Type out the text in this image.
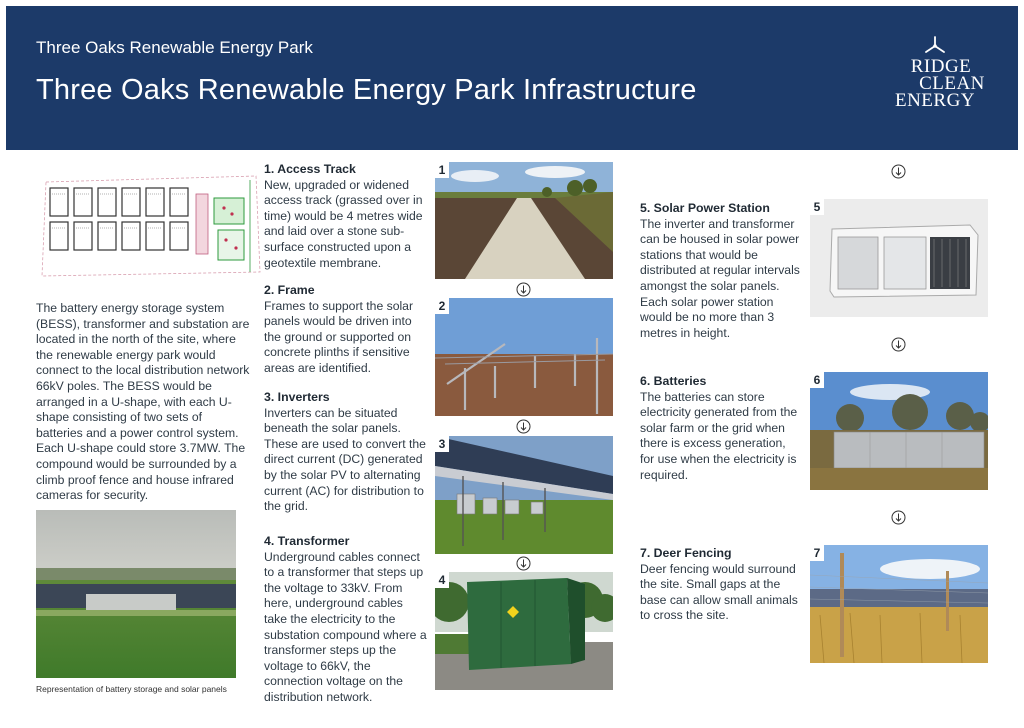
Three Oaks Renewable Energy Park
Three Oaks Renewable Energy Park Infrastructure
RIDGE
CLEAN
ENERGY

The battery energy storage system (BESS), transformer and substation are located in the north of the site, where the renewable energy park would connect to the local distribution network 66kV poles. The BESS would be arranged in a U-shape, with each U-shape consisting of two sets of batteries and a power control system. Each U-shape could store 3.7MW. The compound would be surrounded by a climb proof fence and house infrared cameras for security.

Representation of battery storage and solar panels
1. Access Track

New, upgraded or widened access track (grassed over in time) would be 4 metres wide and laid over a stone sub-surface constructed upon a geotextile membrane.

2. Frame

Frames to support the solar panels would be driven into the ground or supported on concrete plinths if sensitive areas are identified.

3. Inverters

Inverters can be situated beneath the solar panels. These are used to convert the direct current (DC) generated by the solar PV to alternating current (AC) for distribution to the grid.

4. Transformer

Underground cables connect to a transformer that steps up the voltage to 33kV. From here, underground cables take the electricity to the substation compound where a transformer steps up the voltage to 66kV, the connection voltage on the distribution network.

1
2
3
4
5. Solar Power Station

The inverter and transformer can be housed in solar power stations that would be distributed at regular intervals amongst the solar panels. Each solar power station would be no more than 3 metres in height.

6. Batteries

The batteries can store electricity generated from the solar farm or the grid when there is excess generation, for use when the electricity is required.

7. Deer Fencing

Deer fencing would surround the site. Small gaps at the base can allow small animals to cross the site.

5
6
7
